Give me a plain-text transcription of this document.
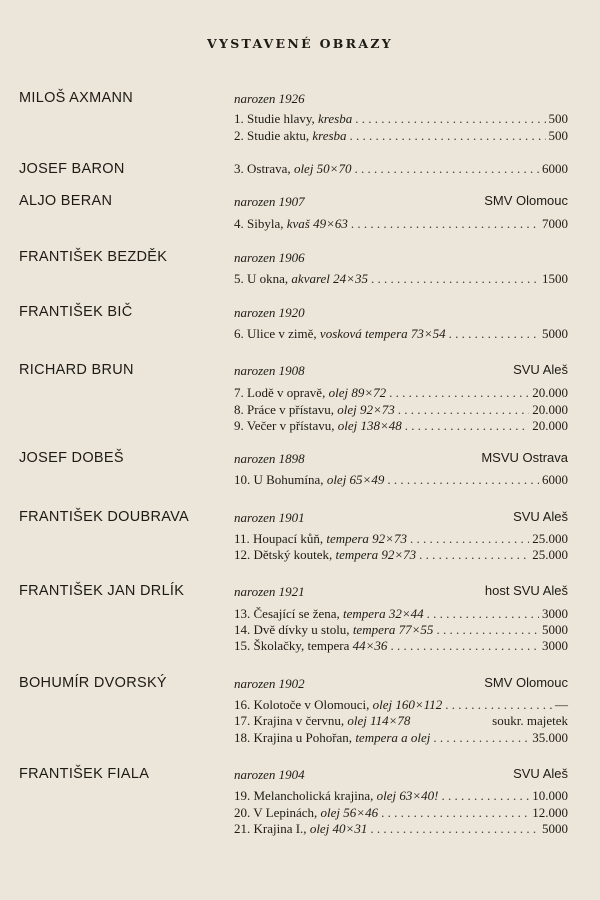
VYSTAVENÉ OBRAZY
MILOŠ AXMANN	narozen 1926
1. Studie hlavy, kresba . . .	500
2. Studie aktu, kresba . . .	500
JOSEF BARON	3. Ostrava, olej 50×70 . . .	6000
ALJO BERAN	narozen 1907	SMV Olomouc
4. Sibyla, kvaš 49×63 . . .	7000
FRANTIŠEK BEZDĚK	narozen 1906
5. U okna, akvarel 24×35 . . .	1500
FRANTIŠEK BIČ	narozen 1920
6. Ulice v zimě, vosková tempera 73×54 . . .	5000
RICHARD BRUN	narozen 1908	SVU Aleš
7. Lodě v opravě, olej 89×72 . . .	20.000
8. Práce v přístavu, olej 92×73 . . .	20.000
9. Večer v přístavu, olej 138×48 . . .	20.000
JOSEF DOBEŠ	narozen 1898	MSVU Ostrava
10. U Bohumína, olej 65×49 . . .	6000
FRANTIŠEK DOUBRAVA	narozen 1901	SVU Aleš
11. Houpací kůň, tempera 92×73 . . .	25.000
12. Dětský koutek, tempera 92×73 . . .	25.000
FRANTIŠEK JAN DRLÍK	narozen 1921	host SVU Aleš
13. Česající se žena, tempera 32×44 . . .	3000
14. Dvě dívky u stolu, tempera 77×55 . . .	5000
15. Školačky, tempera 44×36 . . .	3000
BOHUMÍR DVORSKÝ	narozen 1902	SMV Olomouc
16. Kolotoče v Olomouci, olej 160×112 . . .	—
17. Krajina v červnu, olej 114×78	soukr. majetek
18. Krajina u Pohořan, tempera a olej . . .	35.000
FRANTIŠEK FIALA	narozen 1904	SVU Aleš
19. Melancholická krajina, olej 63×40! . . .	10.000
20. V Lepinách, olej 56×46 . . .	12.000
21. Krajina I., olej 40×31 . . .	5000
